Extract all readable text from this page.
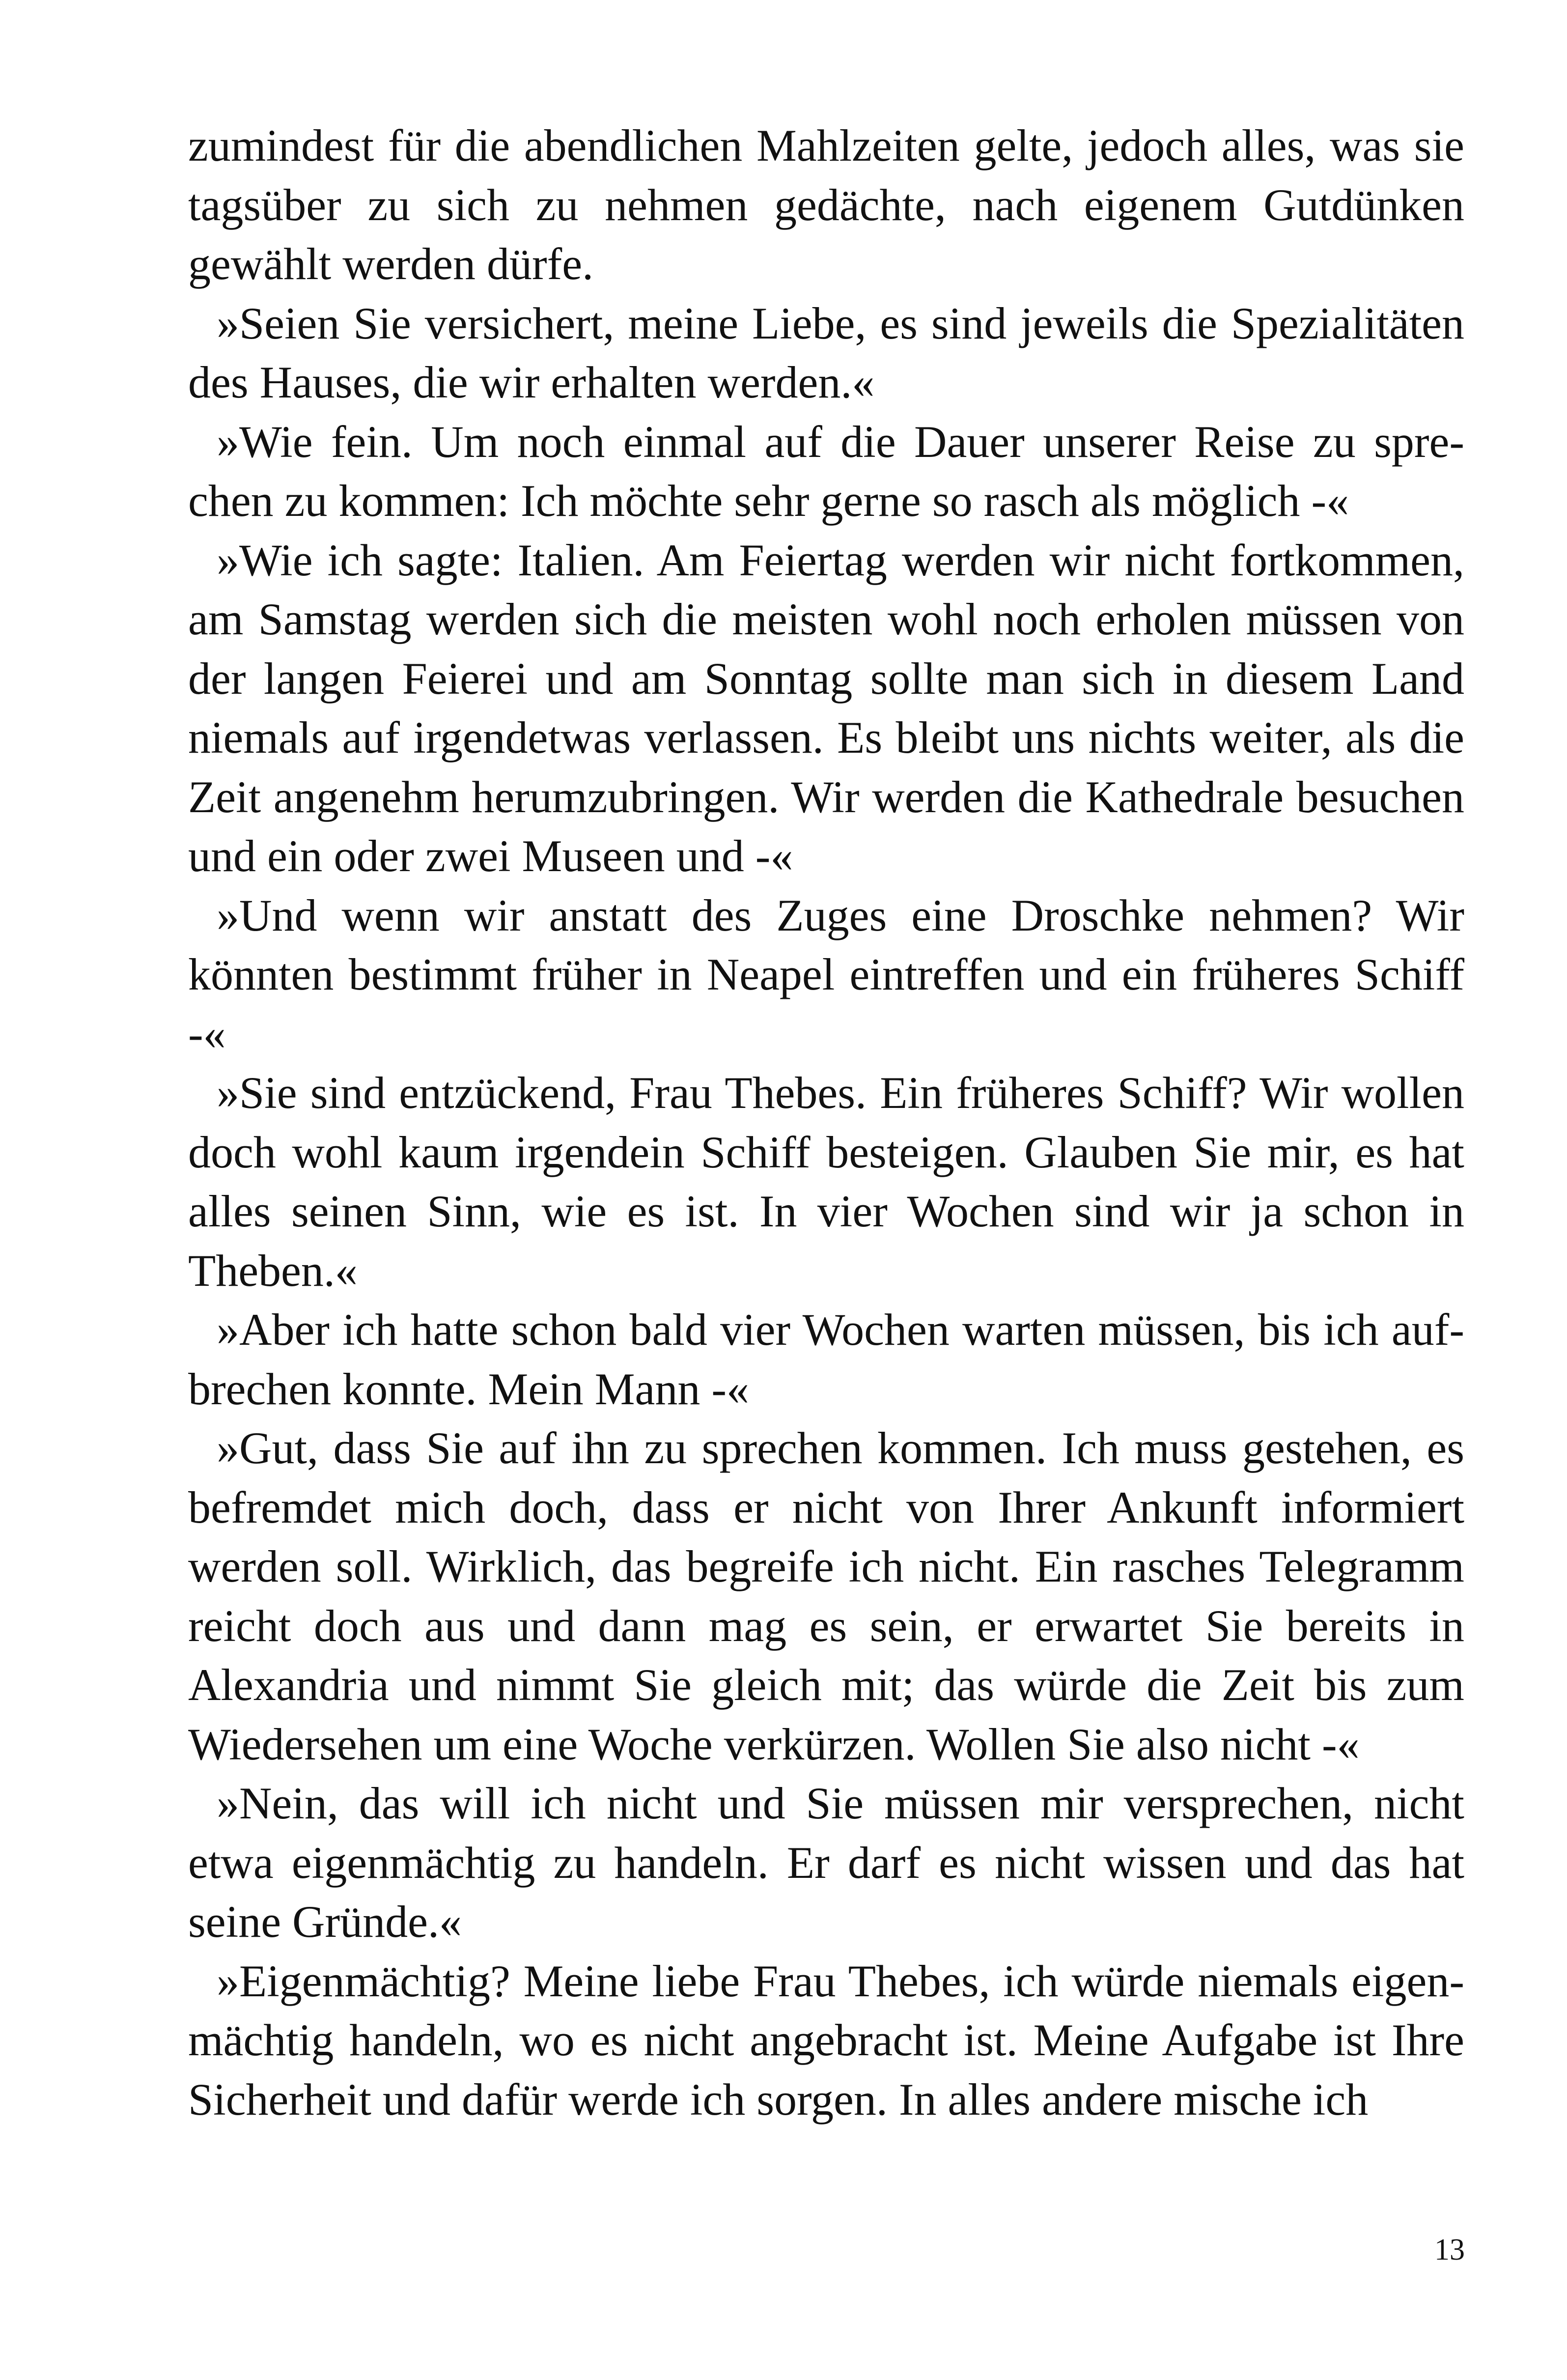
zumindest für die abendlichen Mahlzeiten gelte, jedoch alles, was sie tagsüber zu sich zu nehmen gedächte, nach eigenem Gutdünken gewählt werden dürfe.

»Seien Sie versichert, meine Liebe, es sind jeweils die Spezialitäten des Hauses, die wir erhalten werden.«

»Wie fein. Um noch einmal auf die Dauer unserer Reise zu spre-chen zu kommen: Ich möchte sehr gerne so rasch als möglich -«

»Wie ich sagte: Italien. Am Feiertag werden wir nicht fortkommen, am Samstag werden sich die meisten wohl noch erholen müssen von der langen Feierei und am Sonntag sollte man sich in diesem Land niemals auf irgendetwas verlassen. Es bleibt uns nichts weiter, als die Zeit angenehm herumzubringen. Wir werden die Kathedrale besuchen und ein oder zwei Museen und -«

»Und wenn wir anstatt des Zuges eine Droschke nehmen? Wir könnten bestimmt früher in Neapel eintreffen und ein früheres Schiff -«

»Sie sind entzückend, Frau Thebes. Ein früheres Schiff? Wir wollen doch wohl kaum irgendein Schiff besteigen. Glauben Sie mir, es hat alles seinen Sinn, wie es ist. In vier Wochen sind wir ja schon in Theben.«

»Aber ich hatte schon bald vier Wochen warten müssen, bis ich auf-brechen konnte. Mein Mann -«

»Gut, dass Sie auf ihn zu sprechen kommen. Ich muss gestehen, es befremdet mich doch, dass er nicht von Ihrer Ankunft informiert werden soll. Wirklich, das begreife ich nicht. Ein rasches Telegramm reicht doch aus und dann mag es sein, er erwartet Sie bereits in Alexandria und nimmt Sie gleich mit; das würde die Zeit bis zum Wiedersehen um eine Woche verkürzen. Wollen Sie also nicht -«

»Nein, das will ich nicht und Sie müssen mir versprechen, nicht etwa eigenmächtig zu handeln. Er darf es nicht wissen und das hat seine Gründe.«

»Eigenmächtig? Meine liebe Frau Thebes, ich würde niemals eigen-mächtig handeln, wo es nicht angebracht ist. Meine Aufgabe ist Ihre Sicherheit und dafür werde ich sorgen. In alles andere mische ich

13
